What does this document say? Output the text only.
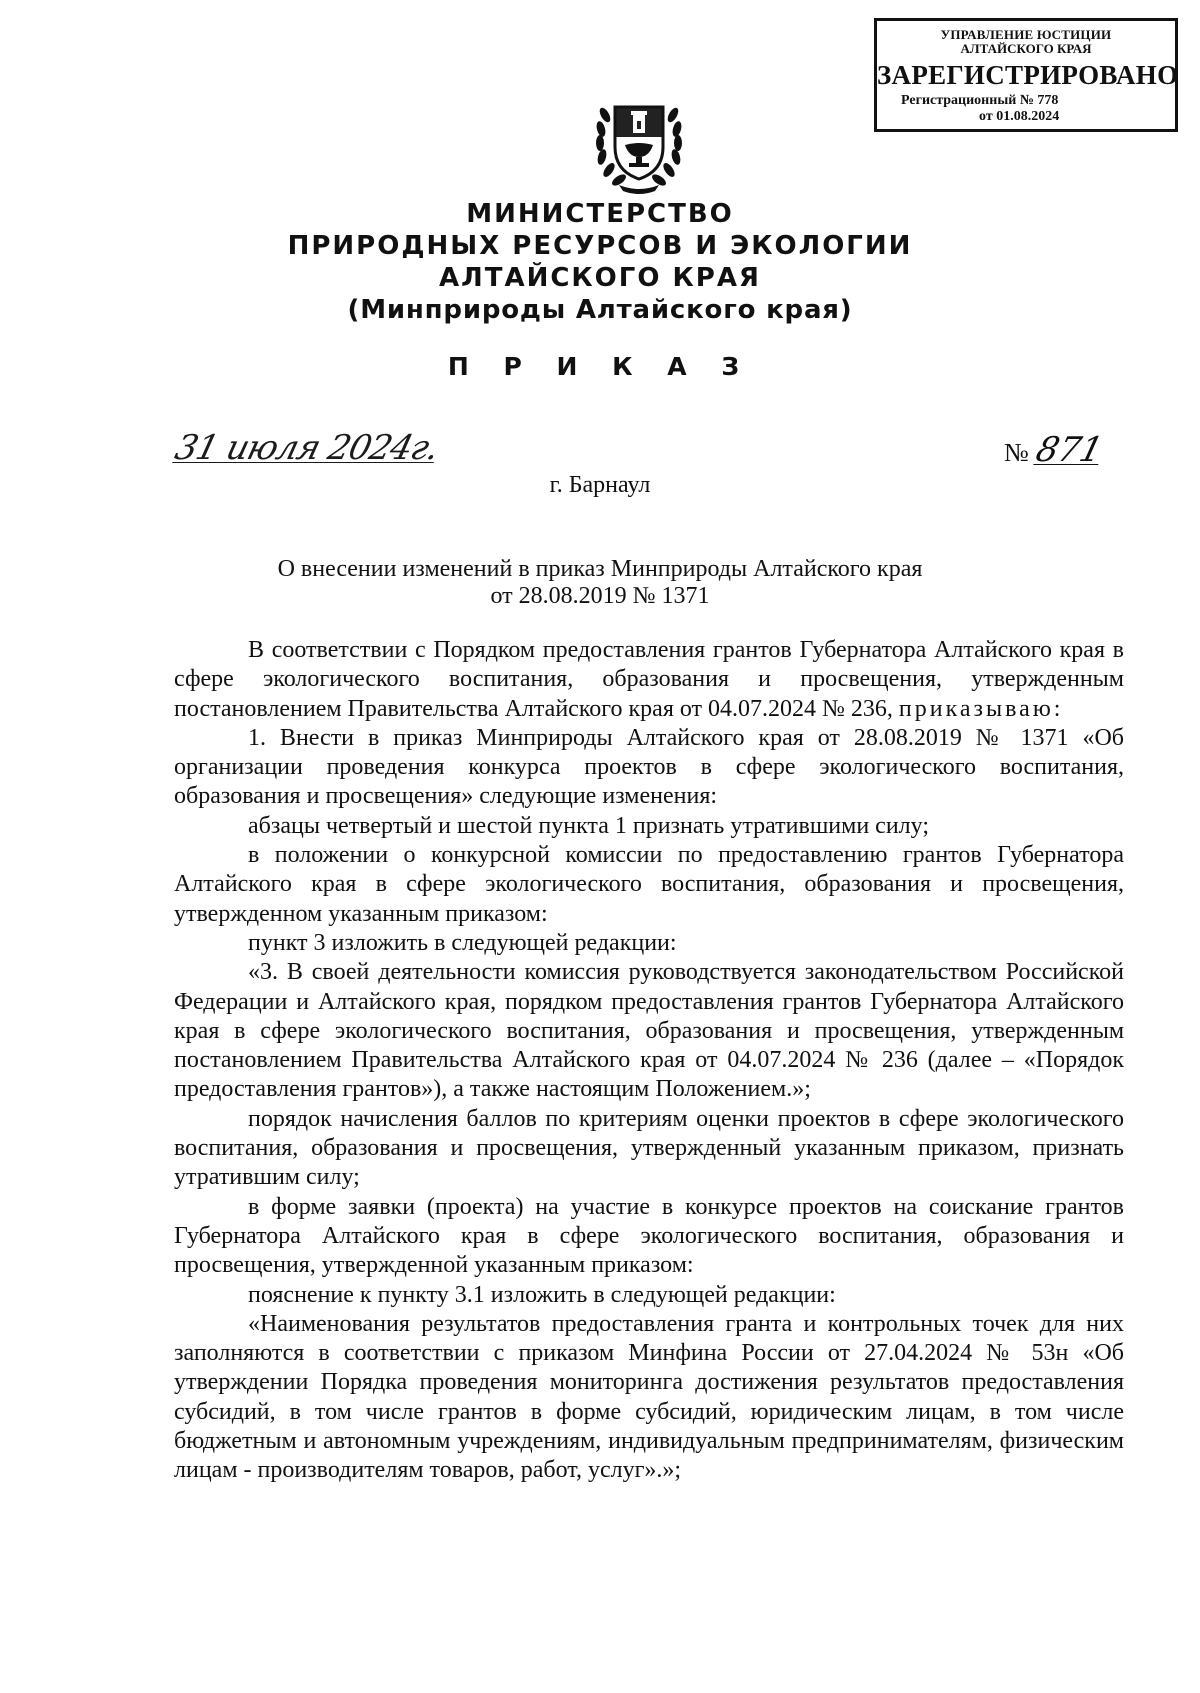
УПРАВЛЕНИЕ ЮСТИЦИИ
АЛТАЙСКОГО КРАЯ
ЗАРЕГИСТРИРОВАНО
Регистрационный № 778
от 01.08.2024
МИНИСТЕРСТВО
ПРИРОДНЫХ РЕСУРСОВ И ЭКОЛОГИИ
АЛТАЙСКОГО КРАЯ
(Минприроды Алтайского края)
П Р И К А З
31 июля 2024г.	№871
г. Барнаул
О внесении изменений в приказ Минприроды Алтайского края
от 28.08.2019 № 1371

В соответствии с Порядком предоставления грантов Губернатора Алтайского края в сфере экологического воспитания, образования и просвещения, утвержденным постановлением Правительства Алтайского края от 04.07.2024 № 236, приказываю:

1. Внести в приказ Минприроды Алтайского края от 28.08.2019 № 1371 «Об организации проведения конкурса проектов в сфере экологического воспитания, образования и просвещения» следующие изменения:

абзацы четвертый и шестой пункта 1 признать утратившими силу;

в положении о конкурсной комиссии по предоставлению грантов Губернатора Алтайского края в сфере экологического воспитания, образования и просвещения, утвержденном указанным приказом:

пункт 3 изложить в следующей редакции:

«3. В своей деятельности комиссия руководствуется законодательством Российской Федерации и Алтайского края, порядком предоставления грантов Губернатора Алтайского края в сфере экологического воспитания, образования и просвещения, утвержденным постановлением Правительства Алтайского края от 04.07.2024 № 236 (далее – «Порядок предоставления грантов»), а также настоящим Положением.»;

порядок начисления баллов по критериям оценки проектов в сфере экологического воспитания, образования и просвещения, утвержденный указанным приказом, признать утратившим силу;

в форме заявки (проекта) на участие в конкурсе проектов на соискание грантов Губернатора Алтайского края в сфере экологического воспитания, образования и просвещения, утвержденной указанным приказом:

пояснение к пункту 3.1 изложить в следующей редакции:

«Наименования результатов предоставления гранта и контрольных точек для них заполняются в соответствии с приказом Минфина России от 27.04.2024 № 53н «Об утверждении Порядка проведения мониторинга достижения результатов предоставления субсидий, в том числе грантов в форме субсидий, юридическим лицам, в том числе бюджетным и автономным учреждениям, индивидуальным предпринимателям, физическим лицам - производителям товаров, работ, услуг».»;
